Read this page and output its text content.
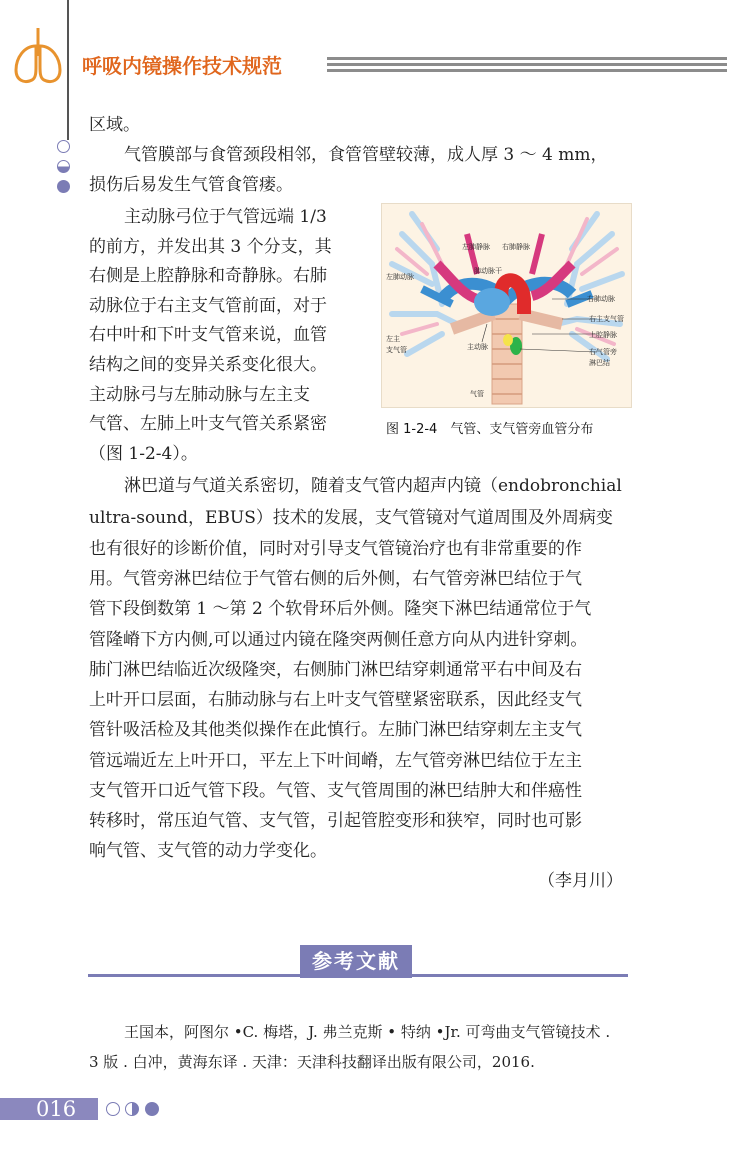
呼吸内镜操作技术规范
区域。
气管膜部与食管颈段相邻，食管管壁较薄，成人厚 3 ～ 4 mm，
损伤后易发生气管食管瘘。
主动脉弓位于气管远端 1/3
的前方，并发出其 3 个分支，其
右侧是上腔静脉和奇静脉。右肺
动脉位于右主支气管前面，对于
右中叶和下叶支气管来说，血管
结构之间的变异关系变化很大。
主动脉弓与左肺动脉与左主支
气管、左肺上叶支气管关系紧密
（图 1-2-4）。
淋巴道与气道关系密切，随着支气管内超声内镜（endobronchial
ultra-sound，EBUS）技术的发展，支气管镜对气道周围及外周病变
也有很好的诊断价值，同时对引导支气管镜治疗也有非常重要的作
用。气管旁淋巴结位于气管右侧的后外侧，右气管旁淋巴结位于气
管下段倒数第 1 ～第 2 个软骨环后外侧。隆突下淋巴结通常位于气
管隆嵴下方内侧,可以通过内镜在隆突两侧任意方向从内进针穿刺。
肺门淋巴结临近次级隆突，右侧肺门淋巴结穿刺通常平右中间及右
上叶开口层面，右肺动脉与右上叶支气管壁紧密联系，因此经支气
管针吸活检及其他类似操作在此慎行。左肺门淋巴结穿刺左主支气
管远端近左上叶开口，平左上下叶间嵴，左气管旁淋巴结位于左主
支气管开口近气管下段。气管、支气管周围的淋巴结肿大和伴癌性
转移时，常压迫气管、支气管，引起管腔变形和狭窄，同时也可影
响气管、支气管的动力学变化。
（李月川）
左肺静脉 右肺静脉
左肺动脉
肺动脉干
右肺动脉
左主
支气管	主动脉
右主支气管
上腔静脉
右气管旁
淋巴结
气管
图 1-2-4　气管、支气管旁血管分布
参考文献
王国本，阿图尔 •C. 梅塔，J. 弗兰克斯 • 特纳 •Jr. 可弯曲支气管镜技术 .
3 版 . 白冲，黄海东译 . 天津：天津科技翻译出版有限公司，2016.
016
